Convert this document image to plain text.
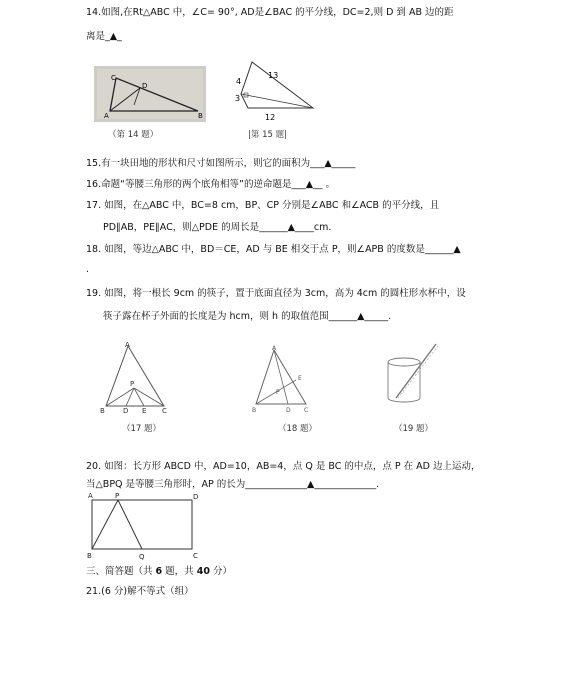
14.如图,在Rt△ABC 中，∠C= 90°, AD是∠BAC 的平分线，DC=2,则 D 到 AB 边的距
离是_▲_
C
D
A	B
（第 14 题）
13
4
3
12
|第 15 题|
15.有一块田地的形状和尺寸如图所示，则它的面积为___▲_____
16.命题“等腰三角形的两个底角相等”的逆命题是___▲__ 。
17. 如图，在△ABC 中，BC=8 cm，BP、CP 分别是∠ABC 和∠ACB 的平分线，且
PD∥AB，PE∥AC，则△PDE 的周长是______▲____cm.
18. 如图，等边△ABC 中，BD＝CE，AD 与 BE 相交于点 P，则∠APB 的度数是______▲
.
19. 如图，将一根长 9cm 的筷子，置于底面直径为 3cm，高为 4cm 的圆柱形水杯中，设
筷子露在杯子外面的长度是为 hcm，则 h 的取值范围______▲_____.
A
P
B	D E C
（17 题）
A
E
P
B	D C
（18 题）	（19 题）
20. 如图：长方形 ABCD 中，AD=10，AB=4，点 Q 是 BC 的中点，点 P 在 AD 边上运动，
当△BPQ 是等腰三角形时，AP 的长为_____________▲_____________.
A	P	D
B	Q	C
三、简答题（共 6 题，共 40 分）
21.(6 分)解不等式（组）
